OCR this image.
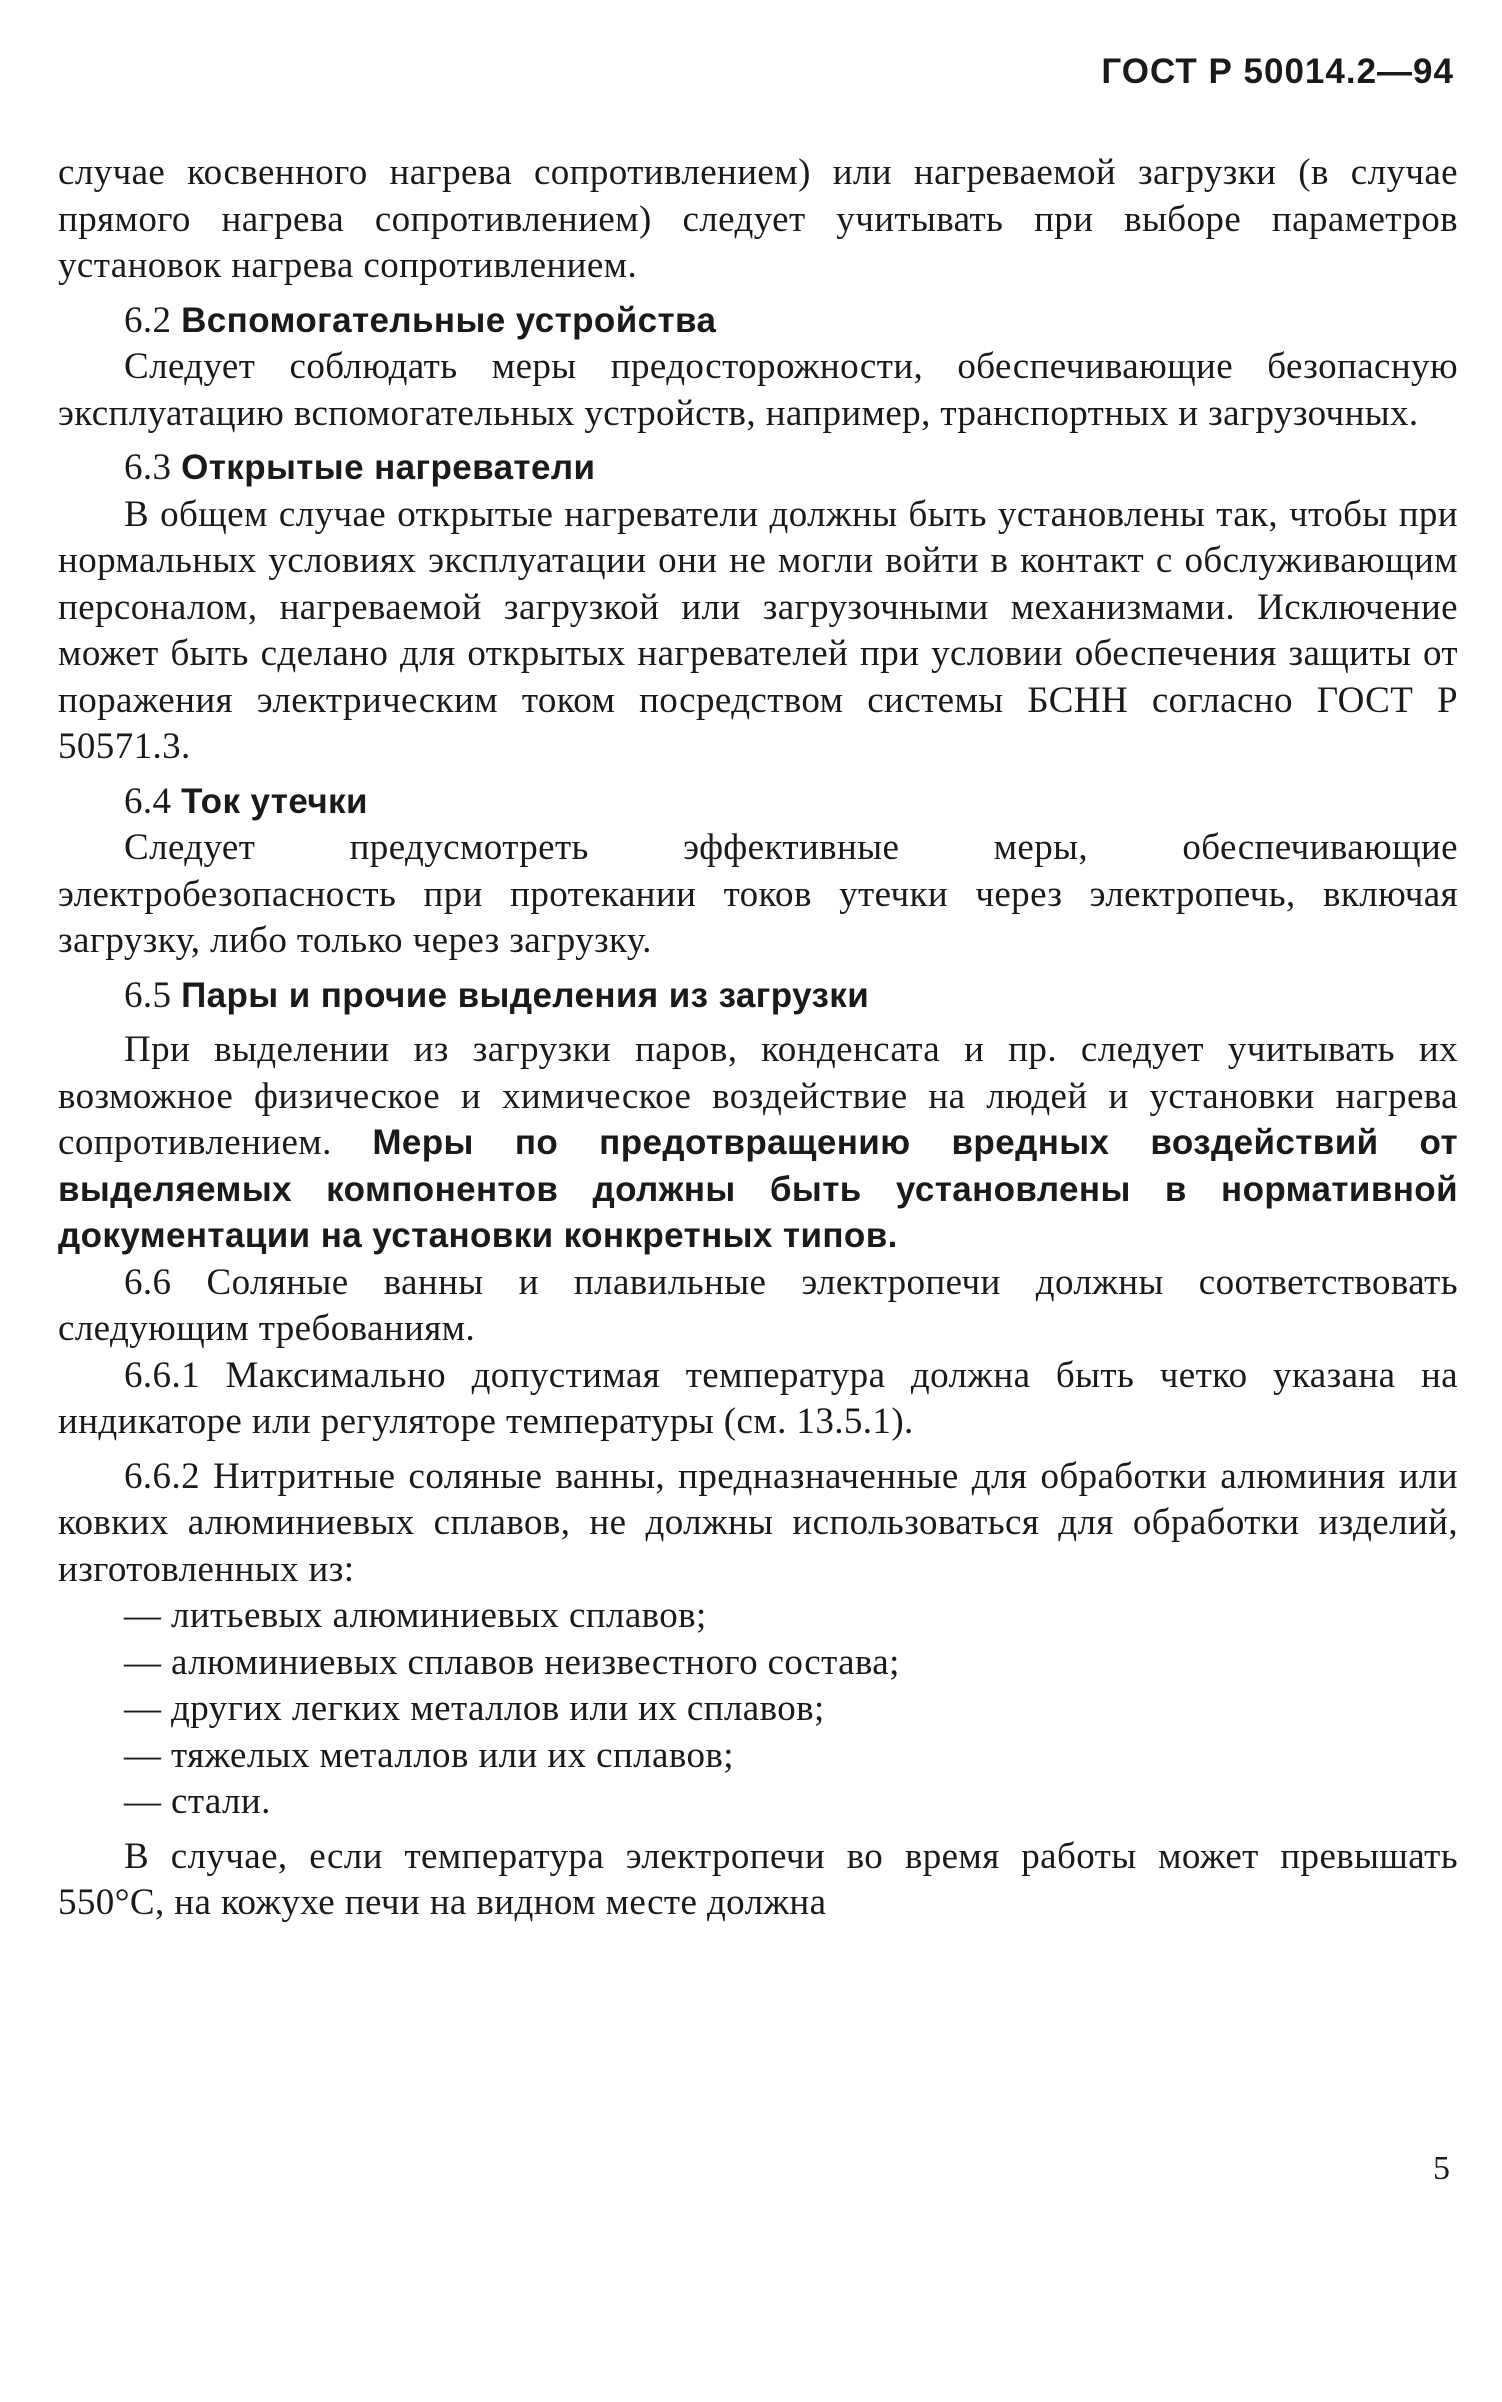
ГОСТ Р 50014.2—94

случае косвенного нагрева сопротивлением) или нагреваемой загрузки (в случае прямого нагрева сопротивлением) следует учитывать при выборе параметров установок нагрева сопротивлением.

6.2 Вспомогательные устройства

Следует соблюдать меры предосторожности, обеспечивающие безопасную эксплуатацию вспомогательных устройств, например, транспортных и загрузочных.

6.3 Открытые нагреватели

В общем случае открытые нагреватели должны быть установлены так, чтобы при нормальных условиях эксплуатации они не могли войти в контакт с обслуживающим персоналом, нагреваемой загрузкой или загрузочными механизмами. Исключение может быть сделано для открытых нагревателей при условии обеспечения защиты от поражения электрическим током посредством системы БСНН согласно ГОСТ Р 50571.3.

6.4 Ток утечки

Следует предусмотреть эффективные меры, обеспечивающие электробезопасность при протекании токов утечки через электропечь, включая загрузку, либо только через загрузку.

6.5 Пары и прочие выделения из загрузки

При выделении из загрузки паров, конденсата и пр. следует учитывать их возможное физическое и химическое воздействие на людей и установки нагрева сопротивлением. Меры по предотвращению вредных воздействий от выделяемых компонентов должны быть установлены в нормативной документации на установки конкретных типов.

6.6 Соляные ванны и плавильные электропечи должны соответствовать следующим требованиям.

6.6.1 Максимально допустимая температура должна быть четко указана на индикаторе или регуляторе температуры (см. 13.5.1).

6.6.2 Нитритные соляные ванны, предназначенные для обработки алюминия или ковких алюминиевых сплавов, не должны использоваться для обработки изделий, изготовленных из:

— литьевых алюминиевых сплавов;

— алюминиевых сплавов неизвестного состава;

— других легких металлов или их сплавов;

— тяжелых металлов или их сплавов;

— стали.

В случае, если температура электропечи во время работы может превышать 550°С, на кожухе печи на видном месте должна

5
